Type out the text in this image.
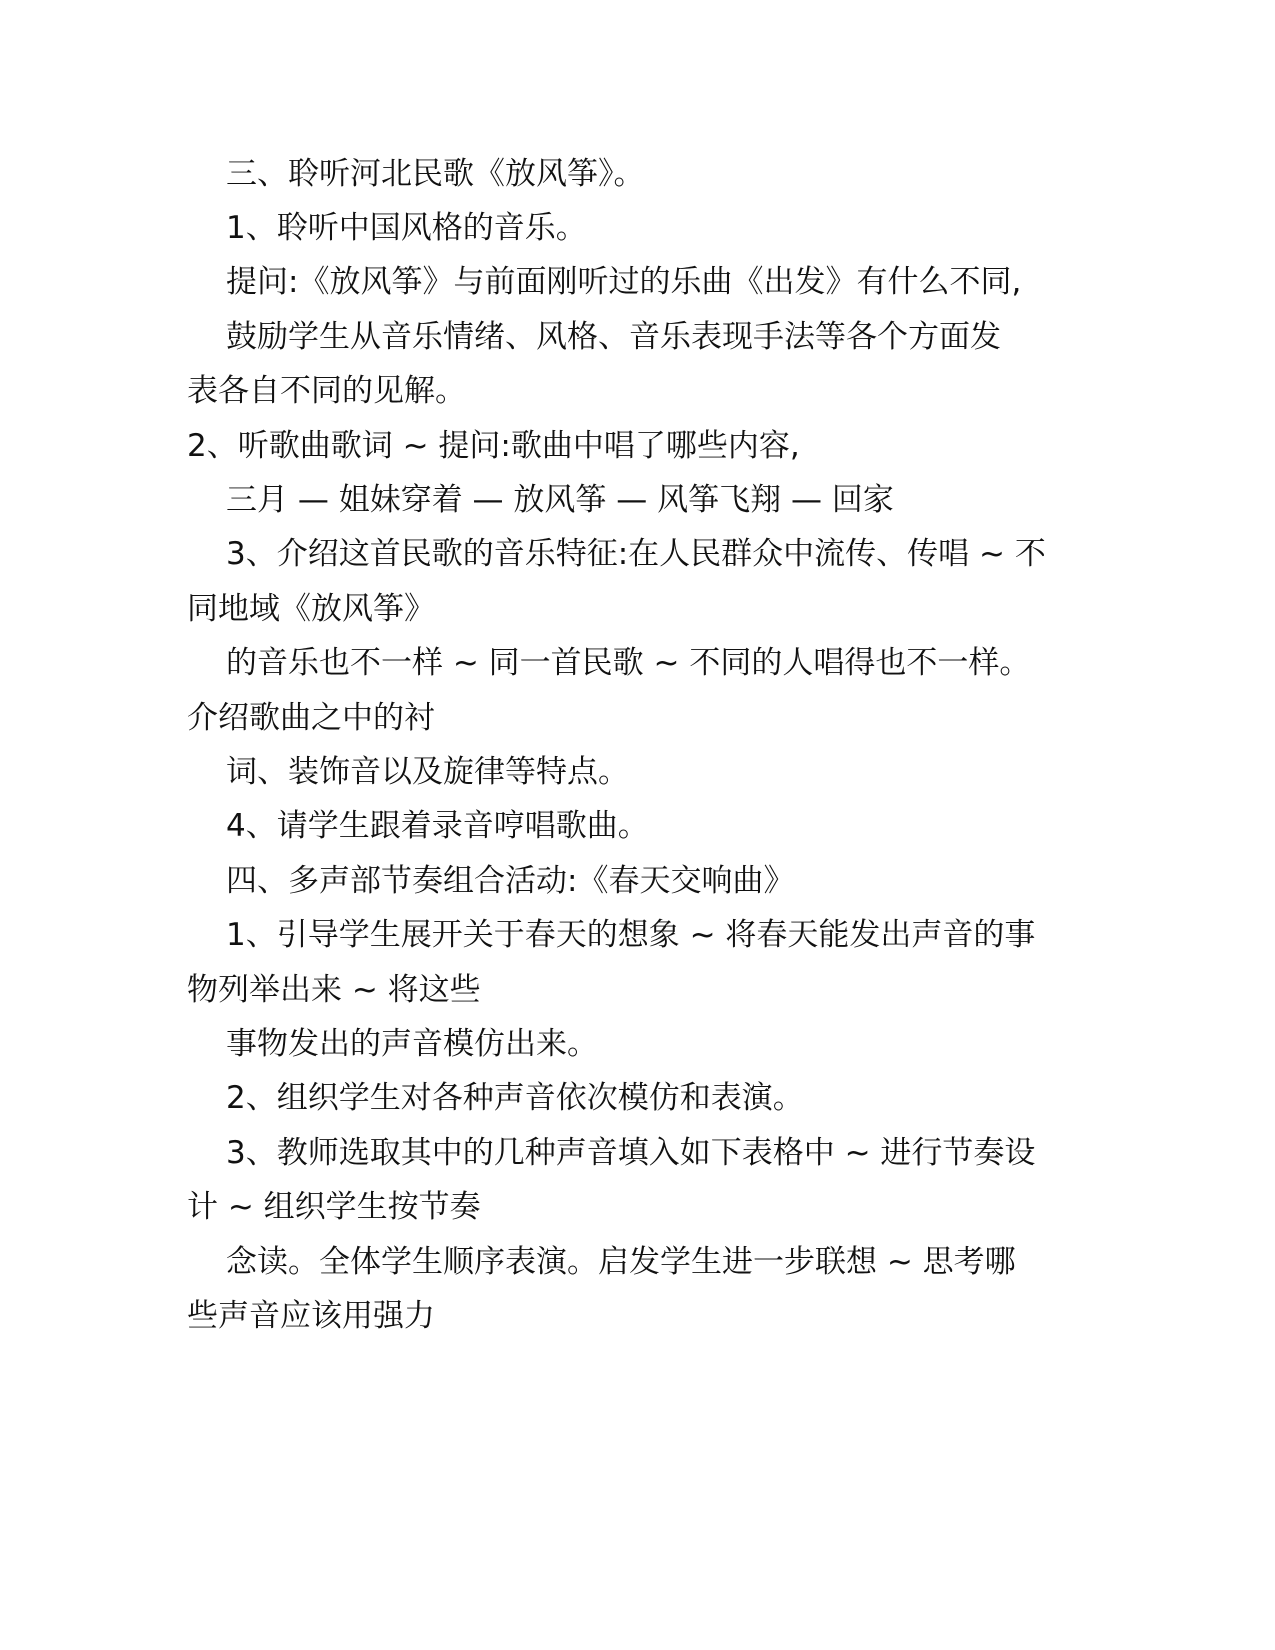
三、聆听河北民歌《放风筝》。
1、聆听中国风格的音乐。
提问:《放风筝》与前面刚听过的乐曲《出发》有什么不同,
鼓励学生从音乐情绪、风格、音乐表现手法等各个方面发
表各自不同的见解。
2、听歌曲歌词 ~ 提问:歌曲中唱了哪些内容,
三月 — 姐妹穿着 — 放风筝 — 风筝飞翔 — 回家
3、介绍这首民歌的音乐特征:在人民群众中流传、传唱 ~ 不
同地域《放风筝》
的音乐也不一样 ~ 同一首民歌 ~ 不同的人唱得也不一样。
介绍歌曲之中的衬
词、装饰音以及旋律等特点。
4、请学生跟着录音哼唱歌曲。
四、多声部节奏组合活动:《春天交响曲》
1、引导学生展开关于春天的想象 ~ 将春天能发出声音的事
物列举出来 ~ 将这些
事物发出的声音模仿出来。
2、组织学生对各种声音依次模仿和表演。
3、教师选取其中的几种声音填入如下表格中 ~ 进行节奏设
计 ~ 组织学生按节奏
念读。全体学生顺序表演。启发学生进一步联想 ~ 思考哪
些声音应该用强力
